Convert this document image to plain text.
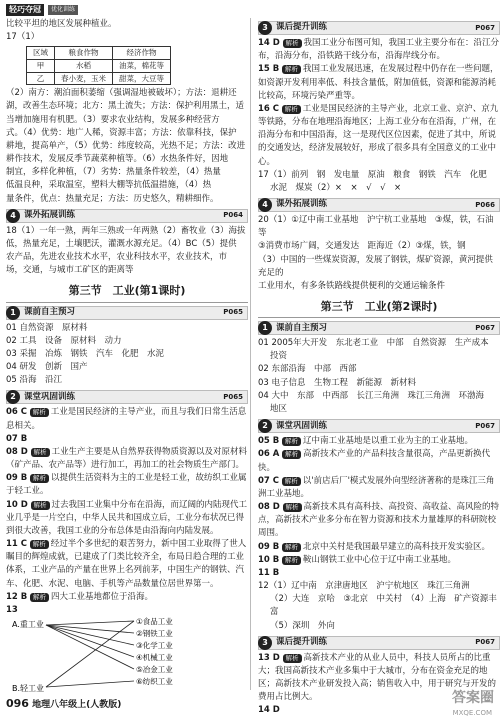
轻巧夺冠	优化训练

比较平坦的地区发展种植业。

17（1）

区域	粮食作物	经济作物
甲	水稻	油菜，棉花等
乙	春小麦，玉米	甜菜，大豆等

（2）南方：潮泊面积萎缩（强调湿地被破坏）；方法：退耕还

湖，改善生态环境；北方：黑土流失；方法：保护利用黑土，适

当增加施用有机肥。（3）要求农业结构，发展多种经营方

式。（4）优势：地广人稀，资源丰富；方法：依靠科技，保护

耕地，提高单产，（5）优势：纬度较高，光热不足；方法：改进

耕作技术，发展反季节蔬菜种植等。（6）水热条件好，因地

制宜，多样化种植，（7）劣势：热量条件较差，（4）热量

低温良种，采取温室，塑料大棚等抗低温措施，（4）热

量条件，优点：热量充足；方法：历史悠久，精耕细作。

4 课外拓展训练	P064

18（1）一年一熟，两年三熟或一年两熟（2）畜牧业（3）海拔

低，热量充足，土壤肥沃，灌溉水源充足。（4）BC（5）提供

农产品，先进农业技术水平，农业科技水平，农业技术，市

场，交通，与城市工矿区的距离等

第三节　工业(第1课时)
1 课前自主预习	P065

01 自然资源　原材料

02 工具　设备　原材料　动力

03 采掘　冶炼　钢铁　汽车　化肥　水泥

04 研发　创新　国产

05 沿海　沿江

2 课堂巩固训练	P065

06 C 解析 工业是国民经济的主导产业，而且与我们日常生活息息相关。

07 B

08 D 解析 工业生产主要是从自然界获得物质资源以及对原材料（矿产品、农产品等）进行加工，再加工的社会物质生产部门。

09 B 解析 以提供生活资料为主的工业是轻工业，故纺织工业属于轻工业。

10 D 解析 过去我国工业集中分布在沿海，而辽阔的内陆现代工业几乎是一片空白，中华人民共和国成立后，工业分布状况已得到很大改善，我国工业的分布总体是由沿海向内陆发展。

11 C 解析 经过半个多世纪的艰苦努力，新中国工业取得了世人瞩目的辉煌成就，已建成了门类比较齐全，布局日趋合理的工业体系，工业产品的产量在世界上名列前茅，中国生产的钢铁、汽车、化肥、水泥、电脑、手机等产品数量位居世界第一。

12 B 解析 四大工业基地都位于沿海。

13

A.重工业
B.轻工业
①食品工业
②钢铁工业
③化学工业
④机械工业
⑤冶金工业
⑥纺织工业
3 课后提升训练	P067

14 D 解析 我国工业分布图可知，我国工业主要分布在：沿江分布，沿海分布，沿铁路干线分布，沿海岸线分布。

15 B 解析 我国工业发展迅速，在发展过程中仍存在一些问题，如资源开发利用率低、科技含量低，附加值低，资源和能源消耗比较高，环境污染严重等。

16 C 解析 工业是国民经济的主导产业，北京工业、京沪、京九等铁路，分布在地理沿海地区；上海工业分布在沿海，广州，在沿海分布和中国沿海，这一是现代区位因素，促进了其中，所说的交通发达，经济发展较好，形成了很多具有全国意义的工业中心。

17（1）前列　钢　发电量　原油　粮食　钢铁　汽车　化肥

水泥　煤炭（2）×　×　√　√　×

4 课外拓展训练	P066

20（1）①辽中南工业基地　沪宁杭工业基地　③煤，铁，石油等

③消费市场广阔，交通发达　距海近（2）③煤，铁，钢

（3）中国的一些煤炭资源，发展了钢铁，煤矿资源，黄河提供充足的

工业用水，有多条铁路线提供便利的交通运输条件

第三节　工业(第2课时)
1 课前自主预习	P067

01 2005年大开发　东北老工业　中部　自然资源　生产成本

投资

02 东部沿海　中部　西部

03 电子信息　生物工程　新能源　新材料

04 大中　东部　中西部　长江三角洲　珠江三角洲　环渤海

地区

2 课堂巩固训练	P067

05 B 解析 辽中南工业基地是以重工业为主的工业基地。

06 A 解析 高新技术产业的产品科技含量很高，产品更新换代快。

07 C 解析 以'前店后厂'模式发展外向型经济著称的是珠江三角洲工业基地。

08 D 解析 高新技术具有高科技、高投资、高收益、高风险的特点，高新技术产业多分布在智力资源和技术力量雄厚的科研院校周围。

09 B 解析 北京中关村是我国最早建立的高科技开发实验区。

10 B 解析 鞍山钢铁工业中心位于辽中南工业基地。

11 B

12（1）辽中南　京津唐地区　沪宁杭地区　珠江三角洲

（2）大连　京哈　③北京　中关村　（4）上海　矿产资源丰富

（5）深圳　外向

3 课后提升训练	P067

13 D 解析 高新技术产业的从业人员中，科技人员所占的比重大；我国高新技术产业多集中于大城市，分布在资金充足的地区；高新技术产业研发投入高；销售收入中，用于研究与开发的费用占比例大。

14 D

096 地理八年级上(人教版)	答案圈
MXQE.COM
